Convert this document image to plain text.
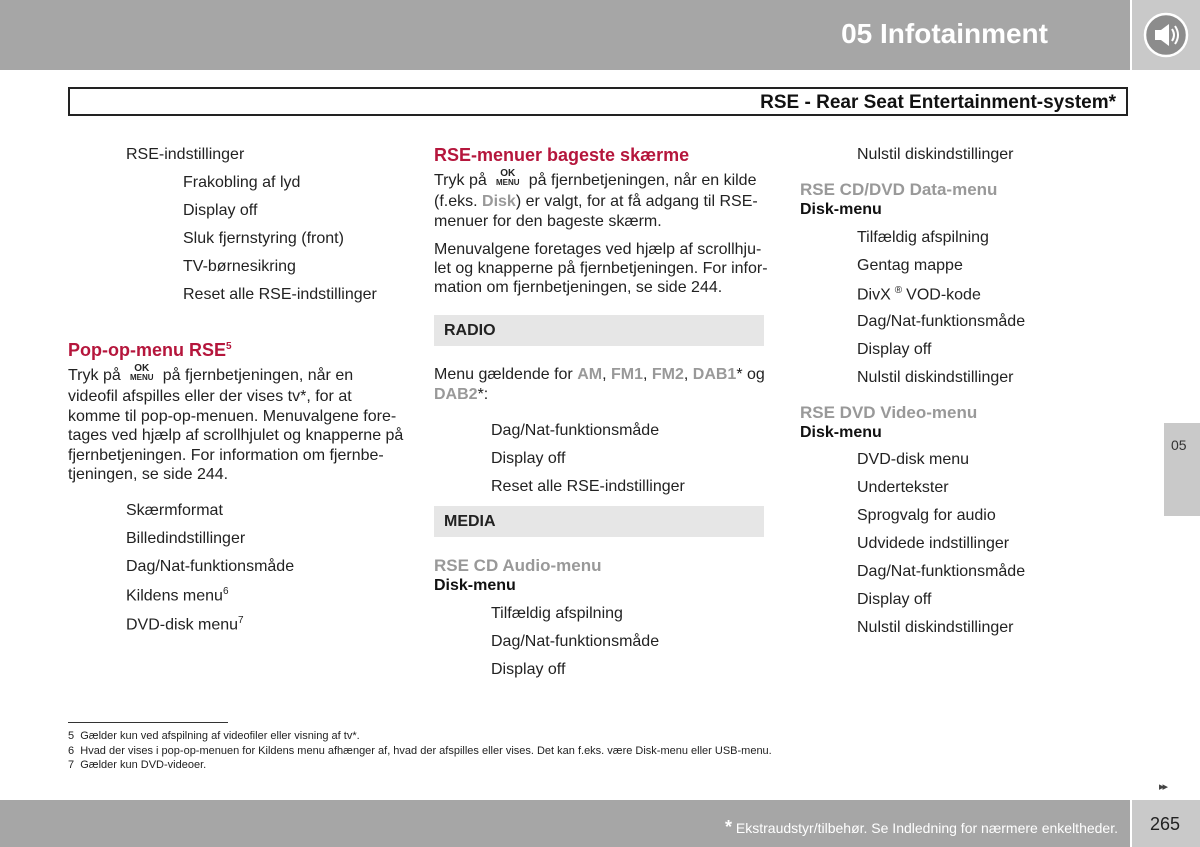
05 Infotainment
RSE - Rear Seat Entertainment-system*
RSE-indstillinger
Frakobling af lyd
Display off
Sluk fjernstyring (front)
TV-børnesikring
Reset alle RSE-indstillinger
Pop-op-menu RSE$^5$
Tryk på	OK
MENU på fjernbetjeningen, når en
videofil afspilles eller der vises tv*, for at
komme til pop-op-menuen. Menuvalgene fore-
tages ved hjælp af scrollhjulet og knapperne på
fjernbetjeningen. For information om fjernbe-
tjeningen, se side 244.
Skærmformat
Billedindstillinger
Dag/Nat-funktionsmåde
Kildens menu$^6$
DVD-disk menu$^7$
RSE-menuer bageste skærme
Tryk på	OK
MENU på fjernbetjeningen, når en kilde
(f.eks. Disk) er valgt, for at få adgang til RSE-
menuer for den bageste skærm.
Menuvalgene foretages ved hjælp af scrollhju-
let og knapperne på fjernbetjeningen. For infor-
mation om fjernbetjeningen, se side 244.
RADIO
Menu gældende for AM, FM1, FM2, DAB1* og
DAB2*:
Dag/Nat-funktionsmåde
Display off
Reset alle RSE-indstillinger
MEDIA
RSE CD Audio-menu
Disk-menu
Tilfældig afspilning
Dag/Nat-funktionsmåde
Display off
Nulstil diskindstillinger
RSE CD/DVD Data-menu
Disk-menu
Tilfældig afspilning
Gentag mappe
DivX ® VOD-kode
Dag/Nat-funktionsmåde
Display off
Nulstil diskindstillinger
RSE DVD Video-menu
Disk-menu
DVD-disk menu
Undertekster
Sprogvalg for audio
Udvidede indstillinger
Dag/Nat-funktionsmåde
Display off
Nulstil diskindstillinger
05
5 Gælder kun ved afspilning af videofiler eller visning af tv*.
6 Hvad der vises i pop-op-menuen for Kildens menu afhænger af, hvad der afspilles eller vises. Det kan f.eks. være Disk-menu eller USB-menu.
7 Gælder kun DVD-videoer.
▸▸
* Ekstraudstyr/tilbehør. Se Indledning for nærmere enkeltheder. 265
